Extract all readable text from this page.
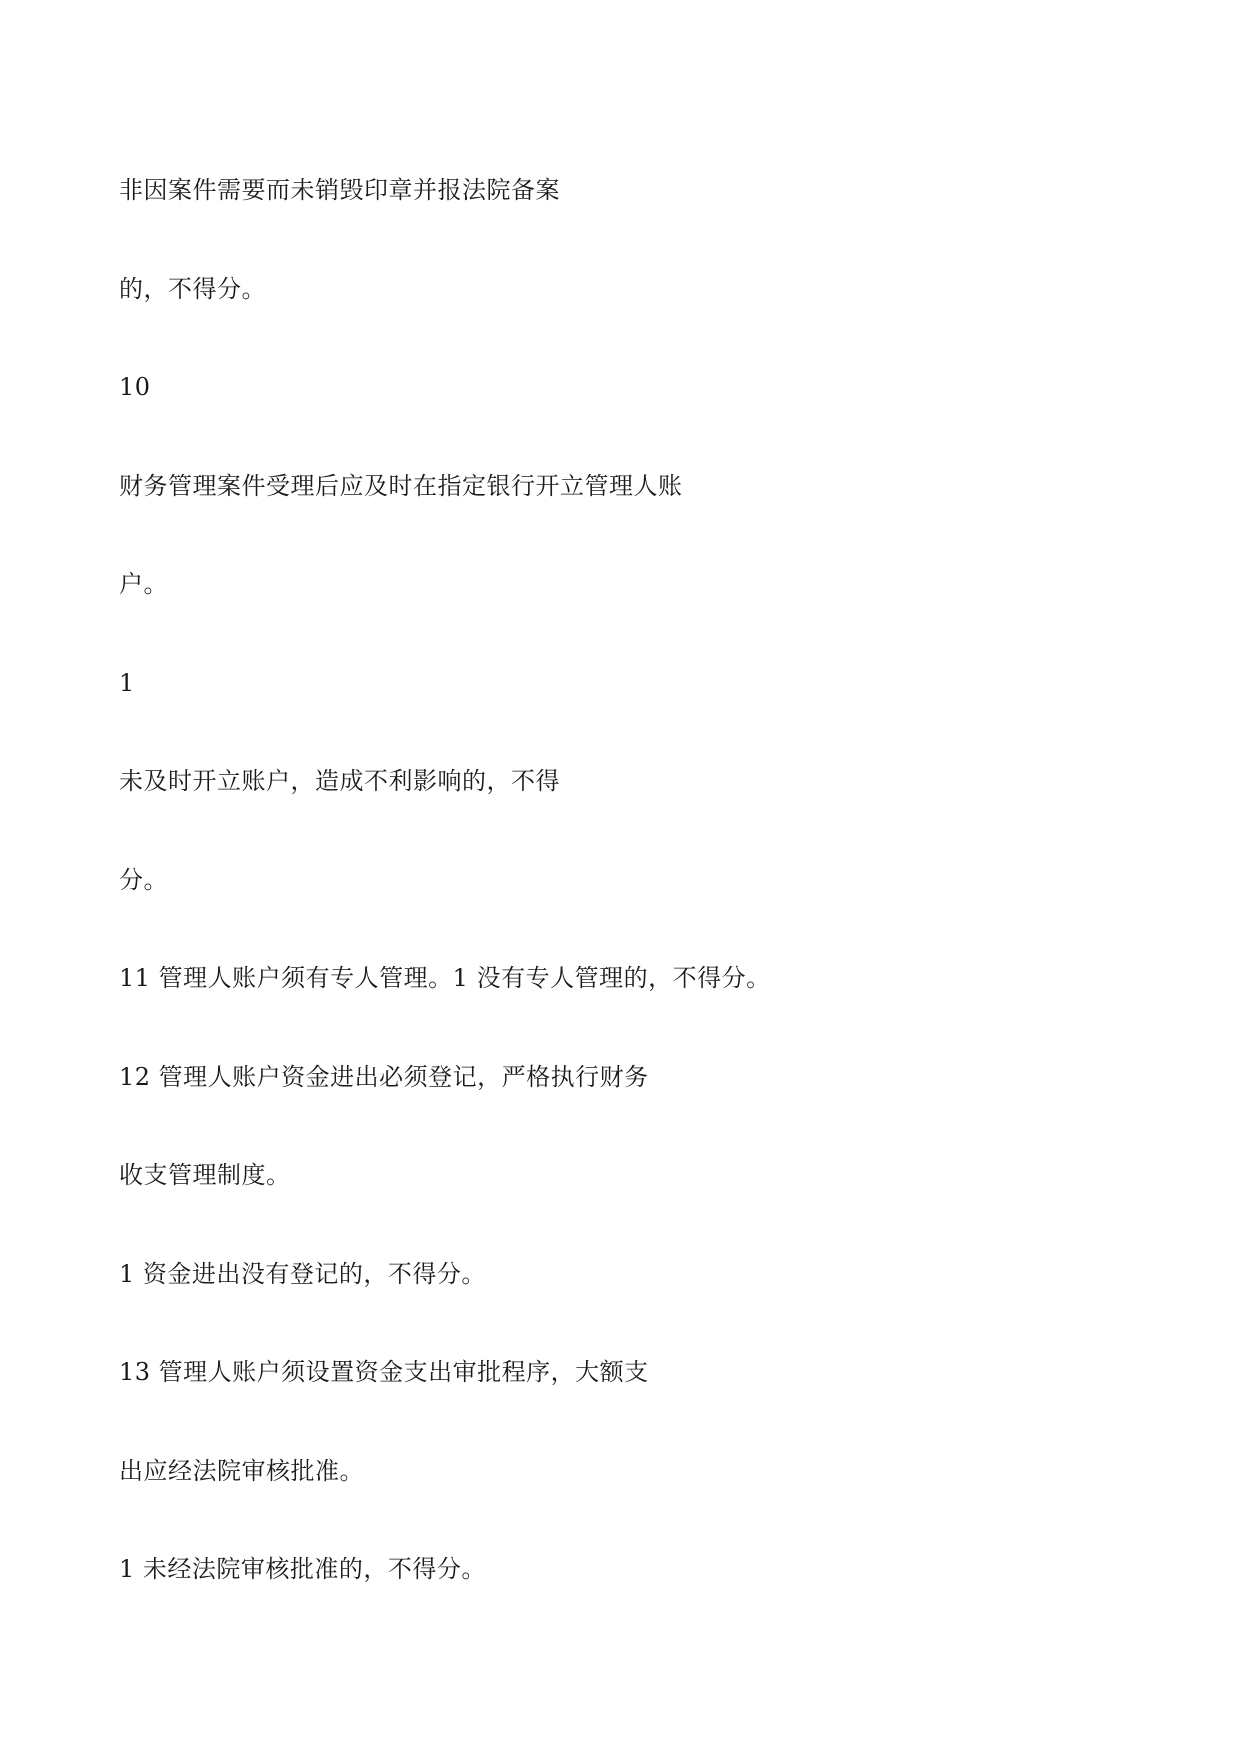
非因案件需要而未销毁印章并报法院备案
的，不得分。
10
财务管理案件受理后应及时在指定银行开立管理人账
户。
1
未及时开立账户，造成不利影响的，不得
分。
11 管理人账户须有专人管理。1 没有专人管理的，不得分。
12 管理人账户资金进出必须登记，严格执行财务
收支管理制度。
1 资金进出没有登记的，不得分。
13 管理人账户须设置资金支出审批程序，大额支
出应经法院审核批准。
1 未经法院审核批准的，不得分。
